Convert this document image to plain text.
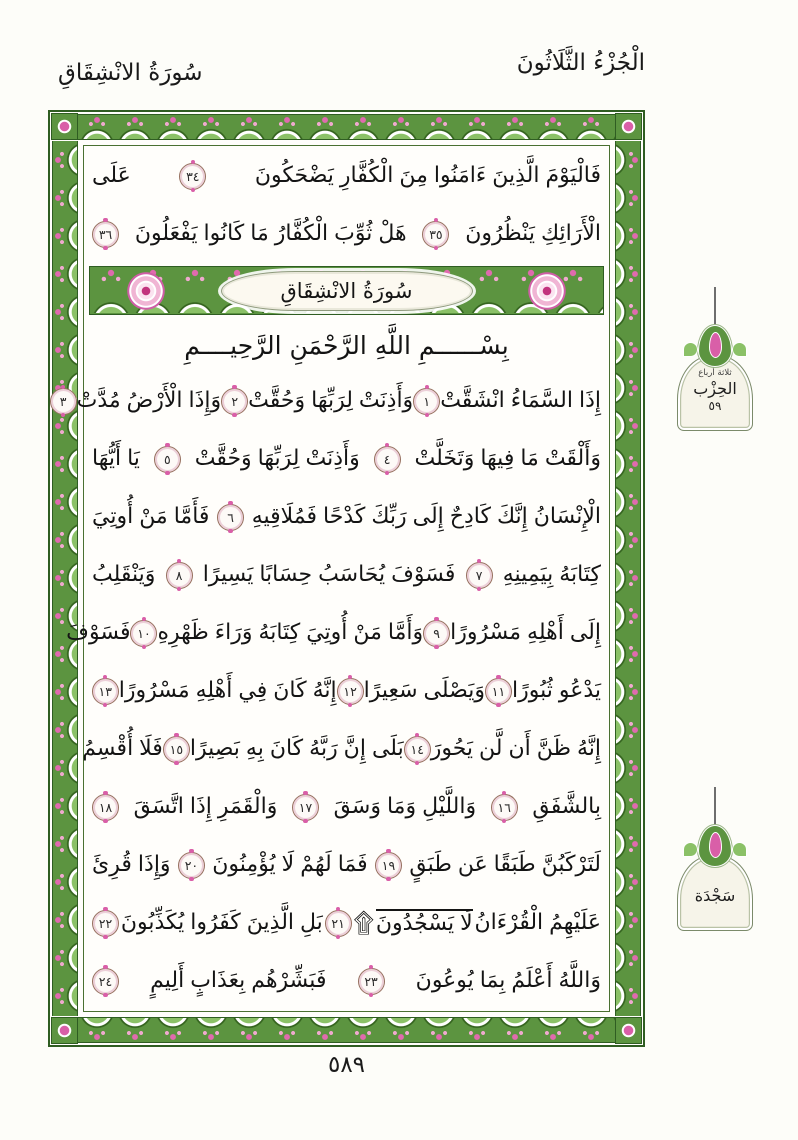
سُورَةُ الانْشِقَاقِ	الْجُزْءُ الثَّلَاثُونَ
فَالْيَوْمَ الَّذِينَ ءَامَنُوا مِنَ الْكُفَّارِ يَضْحَكُونَ
٣٤
عَلَى
الْأَرَائِكِ يَنْظُرُونَ
٣٥
هَلْ ثُوِّبَ الْكُفَّارُ مَا كَانُوا يَفْعَلُونَ
٣٦
سُورَةُ الانْشِقَاقِ
بِسْــــــمِ اللَّهِ الرَّحْمَنِ الرَّحِيــــمِ
إِذَا السَّمَاءُ انْشَقَّتْ
١
وَأَذِنَتْ لِرَبِّهَا وَحُقَّتْ
٢
وَإِذَا الْأَرْضُ مُدَّتْ
٣
وَأَلْقَتْ مَا فِيهَا وَتَخَلَّتْ
٤
وَأَذِنَتْ لِرَبِّهَا وَحُقَّتْ
٥
يَا أَيُّهَا
الْإِنْسَانُ إِنَّكَ كَادِحٌ إِلَى رَبِّكَ كَدْحًا فَمُلَاقِيهِ
٦
فَأَمَّا مَنْ أُوتِيَ
كِتَابَهُ بِيَمِينِهِ
٧
فَسَوْفَ يُحَاسَبُ حِسَابًا يَسِيرًا
٨
وَيَنْقَلِبُ
إِلَى أَهْلِهِ مَسْرُورًا
٩
وَأَمَّا مَنْ أُوتِيَ كِتَابَهُ وَرَاءَ ظَهْرِهِ
١٠
فَسَوْفَ
يَدْعُو ثُبُورًا
١١
وَيَصْلَى سَعِيرًا
١٢
إِنَّهُ كَانَ فِي أَهْلِهِ مَسْرُورًا
١٣
إِنَّهُ ظَنَّ أَن لَّن يَحُورَ
١٤
بَلَى إِنَّ رَبَّهُ كَانَ بِهِ بَصِيرًا
١٥
فَلَا أُقْسِمُ
بِالشَّفَقِ
١٦
وَاللَّيْلِ وَمَا وَسَقَ
١٧
وَالْقَمَرِ إِذَا اتَّسَقَ
١٨
لَتَرْكَبُنَّ طَبَقًا عَن طَبَقٍ
١٩
فَمَا لَهُمْ لَا يُؤْمِنُونَ
٢٠
وَإِذَا قُرِئَ
عَلَيْهِمُ الْقُرْءَانُ
لَا يَسْجُدُونَ
۩
٢١
بَلِ الَّذِينَ كَفَرُوا يُكَذِّبُونَ
٢٢
وَاللَّهُ أَعْلَمُ بِمَا يُوعُونَ
٢٣
فَبَشِّرْهُم بِعَذَابٍ أَلِيمٍ
٢٤
ثلاثة أرباع
الحِزْب
٥٩
سَجْدَة
٥٨٩
